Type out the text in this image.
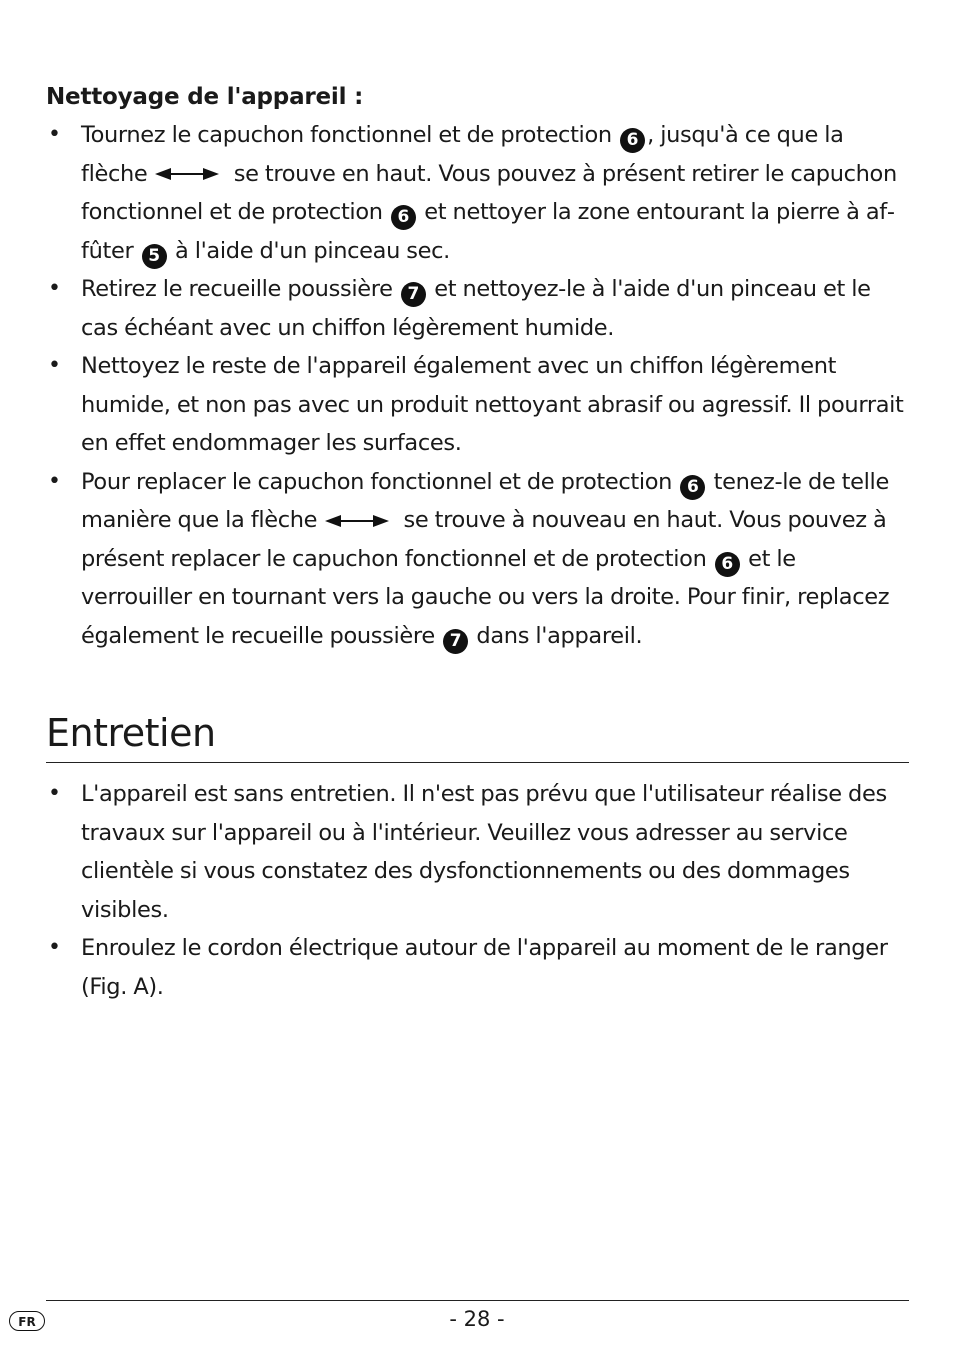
Nettoyage de l'appareil :
• Tournez le capuchon fonctionnel et de protection 6 , jusqu'à ce que la flèche	se trouve en haut. Vous pouvez à présent retirer le capuchon fonctionnel et de protection 6 et nettoyer la zone entourant la pierre à affûter 5 à l'aide d'un pinceau sec.
• Retirez le recueille poussière 7 et nettoyez-le à l'aide d'un pinceau et le cas échéant avec un chiffon légèrement humide.
• Nettoyez le reste de l'appareil également avec un chiffon légèrement humide, et non pas avec un produit nettoyant abrasif ou agressif. Il pourrait en effet endommager les surfaces.
• Pour replacer le capuchon fonctionnel et de protection 6 tenez-le de telle manière que la flèche	se trouve à nouveau en haut. Vous pouvez à présent replacer le capuchon fonctionnel et de protection 6 et le verrouiller en tournant vers la gauche ou vers la droite. Pour finir, replacez également le recueille poussière 7 dans l'appareil.
Entretien
• L'appareil est sans entretien. Il n'est pas prévu que l'utilisateur réalise des travaux sur l'appareil ou à l'intérieur. Veuillez vous adresser au service clientèle si vous constatez des dysfonctionnements ou des dommages visibles.
• Enroulez le cordon électrique autour de l'appareil au moment de le ranger (Fig. A).
FR	- 28 -
